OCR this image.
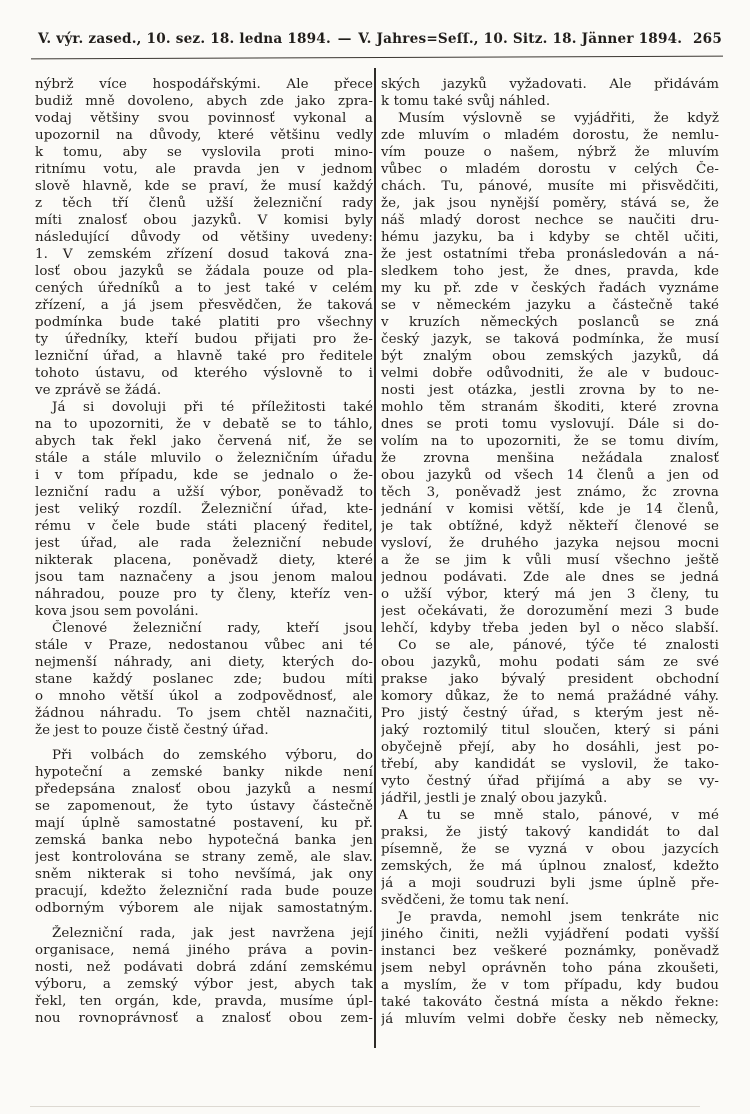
V. výr. zased., 10. sez. 18. ledna 1894. — V. Jahres=Seſſ., 10. Sitz. 18. Jänner 1894. 265
nýbrž více hospodářskými. Ale přece
budiž mně dovoleno, abych zde jako zpra-
vodaj většiny svou povinnosť vykonal a
upozornil na důvody, které většinu vedly
k tomu, aby se vyslovila proti mino-
ritnímu votu, ale pravda jen v jednom
slově hlavně, kde se praví, že musí každý
z těch tří členů užší železniční rady
míti znalosť obou jazyků. V komisi byly
následující důvody od většiny uvedeny:
1. V zemském zřízení dosud taková zna-
losť obou jazyků se žádala pouze od pla-
cených úředníků a to jest také v celém
zřízení, a já jsem přesvědčen, že taková
podmínka bude také platiti pro všechny
ty úředníky, kteří budou přijati pro že-
lezniční úřad, a hlavně také pro ředitele
tohoto ústavu, od kterého výslovně to i
ve zprávě se žádá.
Já si dovoluji při té příležitosti také
na to upozorniti, že v debatě se to táhlo,
abych tak řekl jako červená niť, že se
stále a stále mluvilo o železničním úřadu
i v tom případu, kde se jednalo o že-
lezniční radu a užší výbor, poněvadž to
jest veliký rozdíl. Železniční úřad, kte-
rému v čele bude státi placený ředitel,
jest úřad, ale rada železniční nebude
nikterak placena, poněvadž diety, které
jsou tam naznačeny a jsou jenom malou
náhradou, pouze pro ty členy, kteříz ven-
kova jsou sem povoláni.
Členové železniční rady, kteří jsou
stále v Praze, nedostanou vůbec ani té
nejmenší náhrady, ani diety, kterých do-
stane každý poslanec zde; budou míti
o mnoho větší úkol a zodpovědnosť, ale
žádnou náhradu. To jsem chtěl naznačiti,
že jest to pouze čistě čestný úřad.
Při volbách do zemského výboru, do
hypoteční a zemské banky nikde není
předepsána znalosť obou jazyků a nesmí
se zapomenout, že tyto ústavy částečně
mají úplně samostatné postavení, ku př.
zemská banka nebo hypotečná banka jen
jest kontrolována se strany země, ale slav.
sněm nikterak si toho nevšímá, jak ony
pracují, kdežto železniční rada bude pouze
odborným výborem ale nijak samostatným.
Železniční rada, jak jest navržena její
organisace, nemá jiného práva a povin-
nosti, než podávati dobrá zdání zemskému
výboru, a zemský výbor jest, abych tak
řekl, ten orgán, kde, pravda, musíme úpl-
nou rovnoprávnosť a znalosť obou zem-
ských jazyků vyžadovati. Ale přidávám
k tomu také svůj náhled.
Musím výslovně se vyjádřiti, že když
zde mluvím o mladém dorostu, že nemlu-
vím pouze o našem, nýbrž že mluvím
vůbec o mladém dorostu v celých Če-
chách. Tu, pánové, musíte mi přisvědčiti,
že, jak jsou nynější poměry, stává se, že
náš mladý dorost nechce se naučiti dru-
hému jazyku, ba i kdyby se chtěl učiti,
že jest ostatními třeba pronásledován a ná-
sledkem toho jest, že dnes, pravda, kde
my ku př. zde v českých řadách vyznáme
se v německém jazyku a částečně také
v kruzích německých poslanců se zná
český jazyk, se taková podmínka, že musí
být znalým obou zemských jazyků, dá
velmi dobře odůvodniti, že ale v budouc-
nosti jest otázka, jestli zrovna by to ne-
mohlo těm stranám škoditi, které zrovna
dnes se proti tomu vyslovují. Dále si do-
volím na to upozorniti, že se tomu divím,
že zrovna menšina nežádala znalosť
obou jazyků od všech 14 členů a jen od
těch 3, poněvadž jest známo, žc zrovna
jednání v komisi větší, kde je 14 členů,
je tak obtížné, když někteří členové se
vysloví, že druhého jazyka nejsou mocni
a že se jim k vůli musí všechno ještě
jednou podávati. Zde ale dnes se jedná
o užší výbor, který má jen 3 členy, tu
jest očekávati, že dorozumění mezi 3 bude
lehčí, kdyby třeba jeden byl o něco slabší.
Co se ale, pánové, týče té znalosti
obou jazyků, mohu podati sám ze své
prakse jako bývalý president obchodní
komory důkaz, že to nemá pražádné váhy.
Pro jistý čestný úřad, s kterým jest ně-
jaký roztomilý titul sloučen, který si páni
obyčejně přejí, aby ho dosáhli, jest po-
třebí, aby kandidát se vyslovil, že tako-
vyto čestný úřad přijímá a aby se vy-
jádřil, jestli je znalý obou jazyků.
A tu se mně stalo, pánové, v mé
praksi, že jistý takový kandidát to dal
písemně, že se vyzná v obou jazycích
zemských, že má úplnou znalosť, kdežto
já a moji soudruzi byli jsme úplně pře-
svědčeni, že tomu tak není.
Je pravda, nemohl jsem tenkráte nic
jiného činiti, nežli vyjádření podati vyšší
instanci bez veškeré poznámky, poněvadž
jsem nebyl oprávněn toho pána zkoušeti,
a myslím, že v tom případu, kdy budou
také takováto čestná místa a někdo řekne:
já mluvím velmi dobře česky neb německy,
